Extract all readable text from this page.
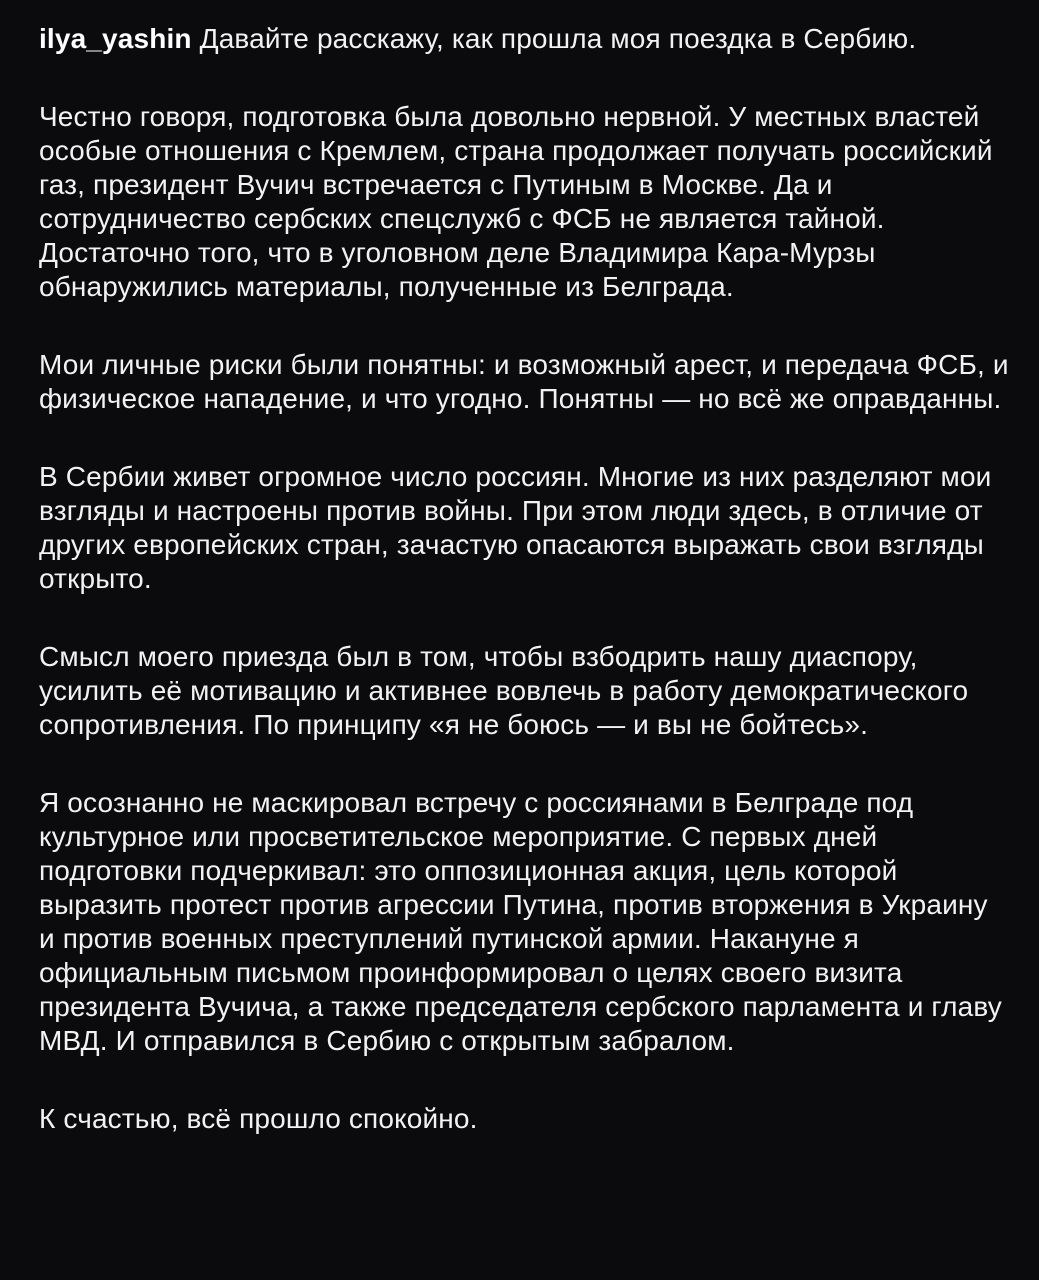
ilya_yashin Давайте расскажу, как прошла моя поездка в Сербию.

Честно говоря, подготовка была довольно нервной. У местных властей особые отношения с Кремлем, страна продолжает получать российский газ, президент Вучич встречается с Путиным в Москве. Да и сотрудничество сербских спецслужб с ФСБ не является тайной. Достаточно того, что в уголовном деле Владимира Кара-Мурзы обнаружились материалы, полученные из Белграда.

Мои личные риски были понятны: и возможный арест, и передача ФСБ, и физическое нападение, и что угодно. Понятны — но всё же оправданны.

В Сербии живет огромное число россиян. Многие из них разделяют мои взгляды и настроены против войны. При этом люди здесь, в отличие от других европейских стран, зачастую опасаются выражать свои взгляды открыто.

Смысл моего приезда был в том, чтобы взбодрить нашу диаспору, усилить её мотивацию и активнее вовлечь в работу демократического сопротивления. По принципу «я не боюсь — и вы не бойтесь».

Я осознанно не маскировал встречу с россиянами в Белграде под культурное или просветительское мероприятие. С первых дней подготовки подчеркивал: это оппозиционная акция, цель которой выразить протест против агрессии Путина, против вторжения в Украину и против военных преступлений путинской армии. Накануне я официальным письмом проинформировал о целях своего визита президента Вучича, а также председателя сербского парламента и главу МВД. И отправился в Сербию с открытым забралом.

К счастью, всё прошло спокойно.
